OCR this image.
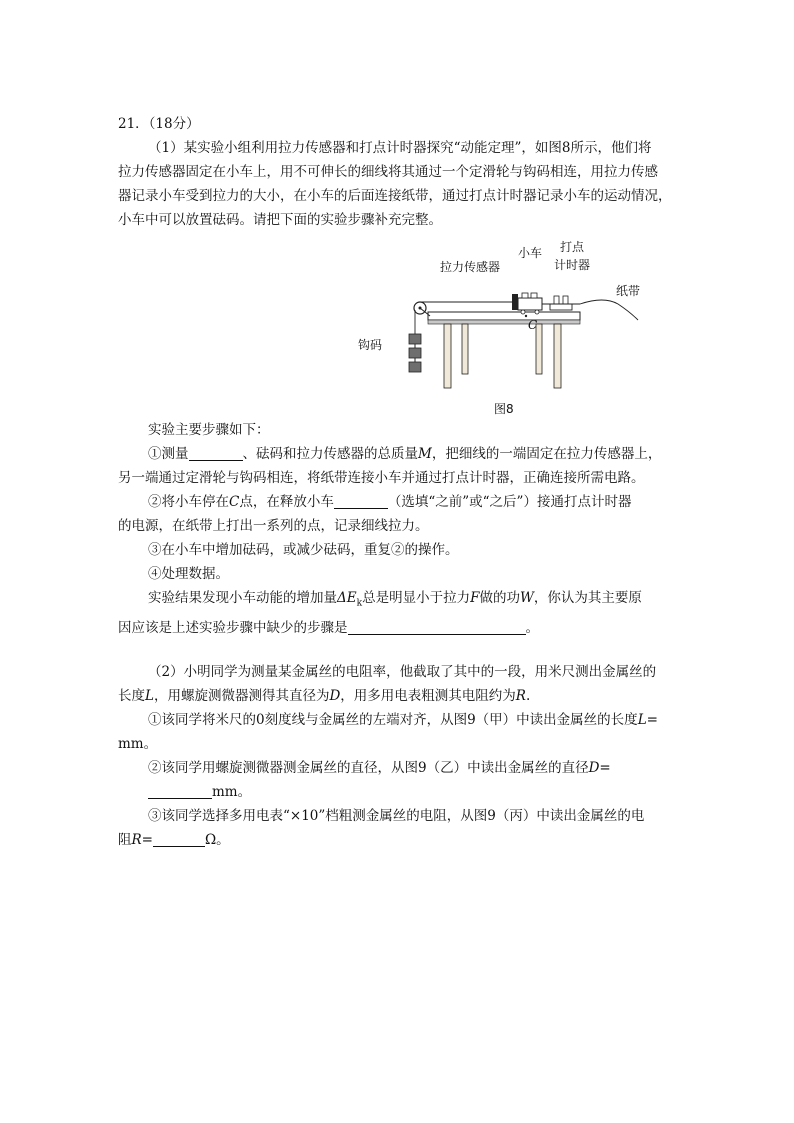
21．（18分）
（1）某实验小组利用拉力传感器和打点计时器探究“动能定理”，如图8所示，他们将
拉力传感器固定在小车上，用不可伸长的细线将其通过一个定滑轮与钩码相连，用拉力传感
器记录小车受到拉力的大小，在小车的后面连接纸带，通过打点计时器记录小车的运动情况，
小车中可以放置砝码。请把下面的实验步骤补充完整。
拉力传感器
小车 打点
计时器
纸带
钩码
C
图8
实验主要步骤如下：
①测量	、砝码和拉力传感器的总质量M，把细线的一端固定在拉力传感器上，
另一端通过定滑轮与钩码相连，将纸带连接小车并通过打点计时器，正确连接所需电路。
②将小车停在C点，在释放小车	（选填“之前”或“之后”）接通打点计时器
的电源，在纸带上打出一系列的点，记录细线拉力。
③在小车中增加砝码，或减少砝码，重复②的操作。
④处理数据。
实验结果发现小车动能的增加量$\Delta E_k$总是明显小于拉力F做的功W，你认为其主要原
因应该是上述实验步骤中缺少的步骤是	。
（2）小明同学为测量某金属丝的电阻率，他截取了其中的一段，用米尺测出金属丝的
长度L，用螺旋测微器测得其直径为D，用多用电表粗测其电阻约为R.
①该同学将米尺的0刻度线与金属丝的左端对齐，从图9（甲）中读出金属丝的长度L=
mm。
②该同学用螺旋测微器测金属丝的直径，从图9（乙）中读出金属丝的直径D=
mm。
③该同学选择多用电表“×10”档粗测金属丝的电阻，从图9（丙）中读出金属丝的电
阻R=	Ω。
